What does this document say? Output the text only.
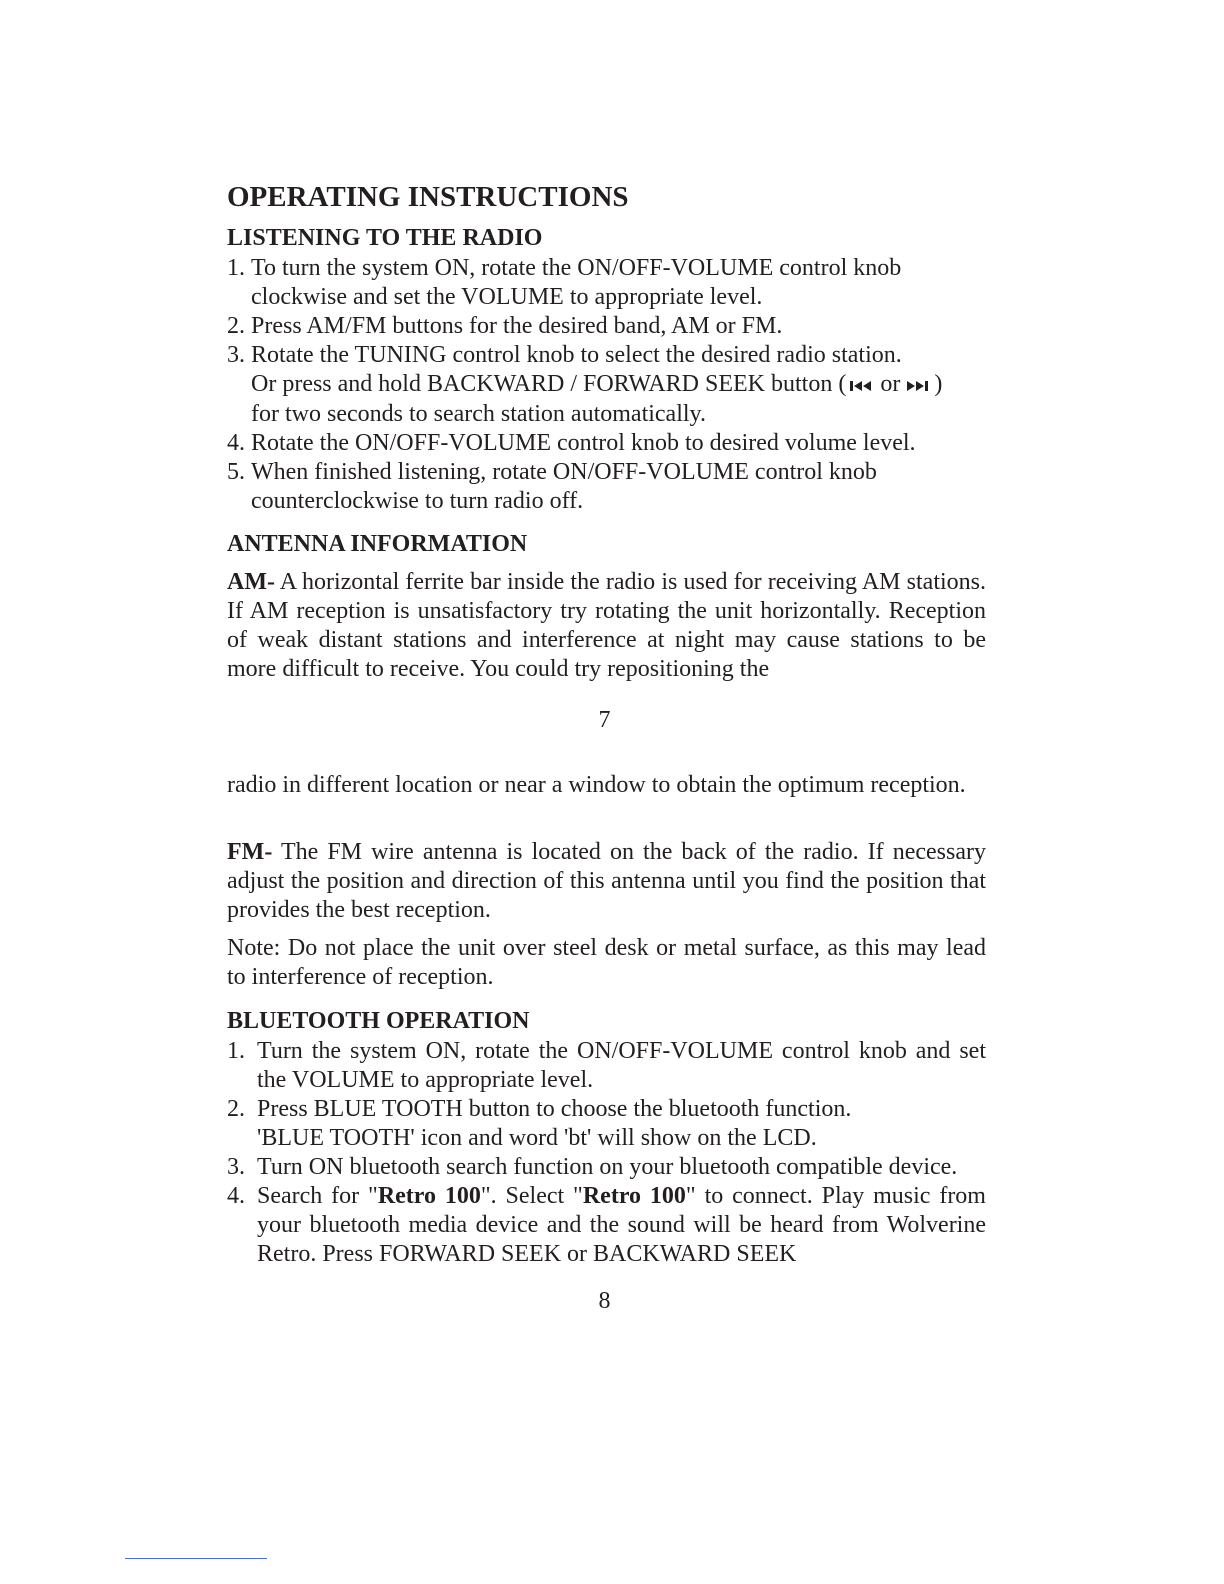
OPERATING INSTRUCTIONS
LISTENING TO THE RADIO
1. To turn the system ON, rotate the ON/OFF-VOLUME control knob
clockwise and set the VOLUME to appropriate level.
2. Press AM/FM buttons for the desired band, AM or FM.
3. Rotate the TUNING control knob to select the desired radio station.
Or press and hold BACKWARD / FORWARD SEEK button ( or )
for two seconds to search station automatically.
4. Rotate the ON/OFF-VOLUME control knob to desired volume level.
5. When finished listening, rotate ON/OFF-VOLUME control knob
counterclockwise to turn radio off.
ANTENNA INFORMATION

AM- A horizontal ferrite bar inside the radio is used for receiving AM stations. If AM reception is unsatisfactory try rotating the unit horizontally. Reception of weak distant stations and interference at night may cause stations to be more difficult to receive. You could try repositioning the

7

radio in different location or near a window to obtain the optimum reception.

FM- The FM wire antenna is located on the back of the radio. If necessary adjust the position and direction of this antenna until you find the position that provides the best reception.

Note: Do not place the unit over steel desk or metal surface, as this may lead to interference of reception.

BLUETOOTH OPERATION
1. Turn the system ON, rotate the ON/OFF-VOLUME control knob and set the VOLUME to appropriate level.
2. Press BLUE TOOTH button to choose the bluetooth function.
'BLUE TOOTH' icon and word 'bt' will show on the LCD.
3. Turn ON bluetooth search function on your bluetooth compatible device.
4. Search for "Retro 100". Select "Retro 100" to connect. Play music from your bluetooth media device and the sound will be heard from Wolverine Retro. Press FORWARD SEEK or BACKWARD SEEK
8
